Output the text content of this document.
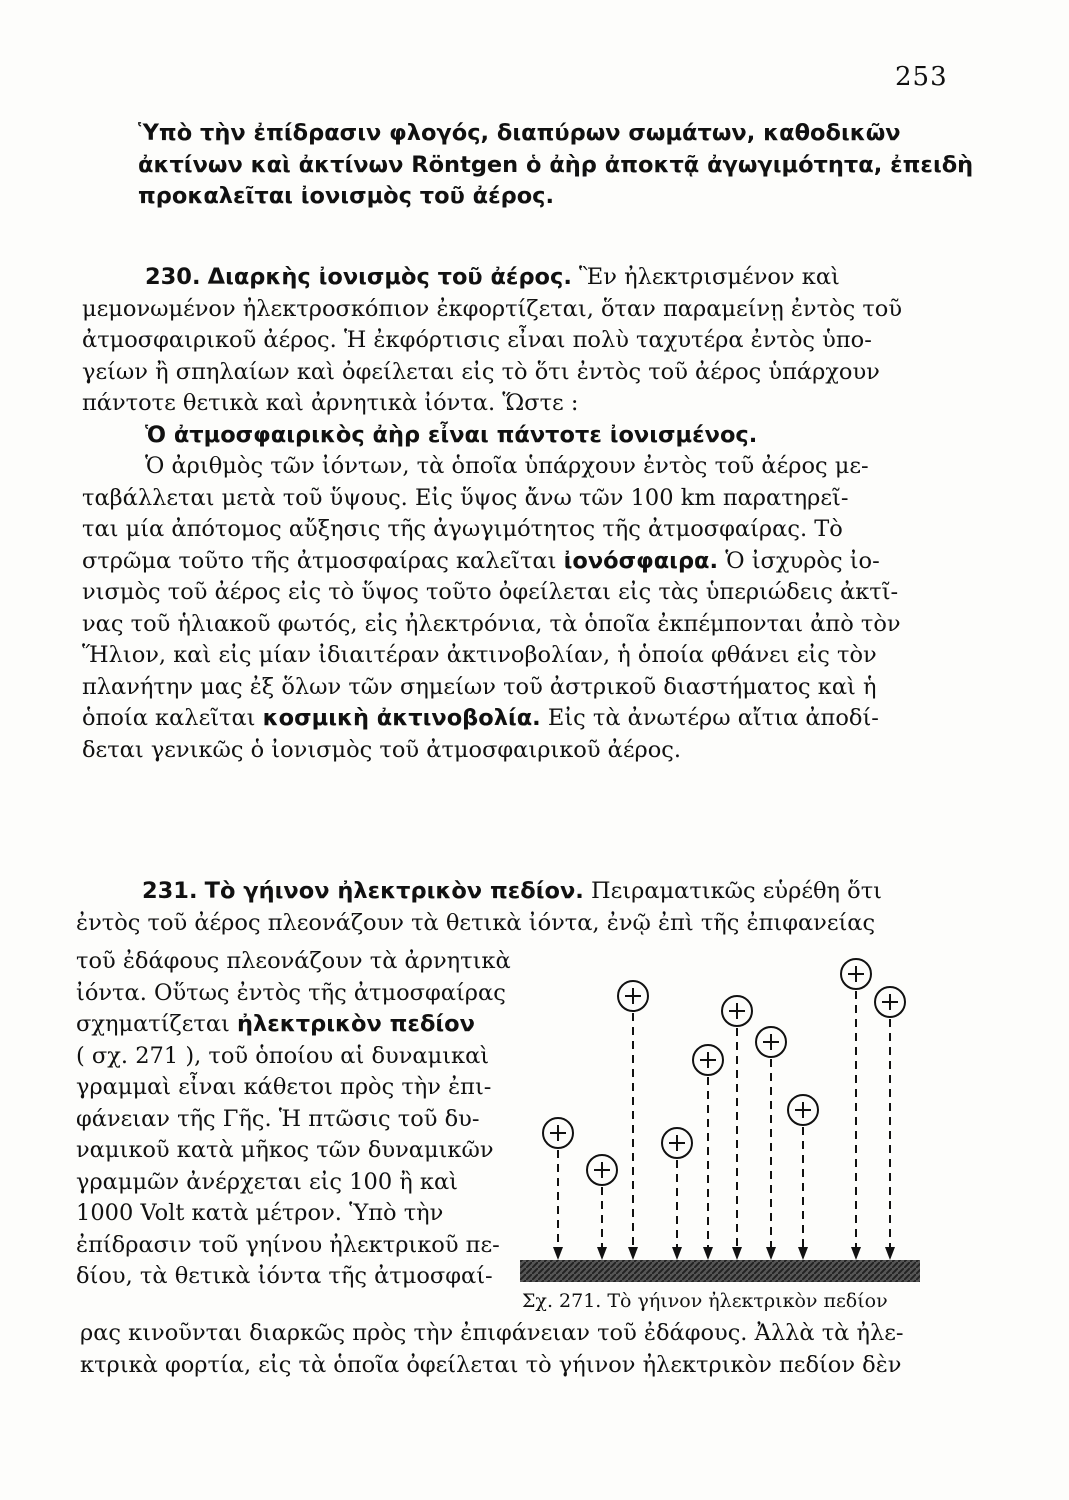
253
Ὑπὸ τὴν ἐπίδρασιν φλογός, διαπύρων σωμάτων, καθοδικῶν
ἀκτίνων καὶ ἀκτίνων Röntgen ὁ ἀὴρ ἀποκτᾷ ἀγωγιμότητα, ἐπειδὴ
προκαλεῖται ἰονισμὸς τοῦ ἀέρος.
230. Διαρκὴς ἰονισμὸς τοῦ ἀέρος. Ἓν ἠλεκτρισμένον καὶ
μεμονωμένον ἠλεκτροσκόπιον ἐκφορτίζεται, ὅταν παραμείνῃ ἐντὸς τοῦ
ἀτμοσφαιρικοῦ ἀέρος. Ἡ ἐκφόρτισις εἶναι πολὺ ταχυτέρα ἐντὸς ὑπο-
γείων ἢ σπηλαίων καὶ ὀφείλεται εἰς τὸ ὅτι ἐντὸς τοῦ ἀέρος ὑπάρχουν
πάντοτε θετικὰ καὶ ἀρνητικὰ ἰόντα. Ὥστε :
Ὁ ἀτμοσφαιρικὸς ἀὴρ εἶναι πάντοτε ἰονισμένος.
Ὁ ἀριθμὸς τῶν ἰόντων, τὰ ὁποῖα ὑπάρχουν ἐντὸς τοῦ ἀέρος με-
ταβάλλεται μετὰ τοῦ ὕψους. Εἰς ὕψος ἄνω τῶν 100 km παρατηρεῖ-
ται μία ἀπότομος αὔξησις τῆς ἀγωγιμότητος τῆς ἀτμοσφαίρας. Τὸ
στρῶμα τοῦτο τῆς ἀτμοσφαίρας καλεῖται ἰονόσφαιρα. Ὁ ἰσχυρὸς ἰο-
νισμὸς τοῦ ἀέρος εἰς τὸ ὕψος τοῦτο ὀφείλεται εἰς τὰς ὑπεριώδεις ἀκτῖ-
νας τοῦ ἡλιακοῦ φωτός, εἰς ἠλεκτρόνια, τὰ ὁποῖα ἐκπέμπονται ἀπὸ τὸν
Ἥλιον, καὶ εἰς μίαν ἰδιαιτέραν ἀκτινοβολίαν, ἡ ὁποία φθάνει εἰς τὸν
πλανήτην μας ἐξ ὅλων τῶν σημείων τοῦ ἀστρικοῦ διαστήματος καὶ ἡ
ὁποία καλεῖται κοσμικὴ ἀκτινοβολία. Εἰς τὰ ἀνωτέρω αἴτια ἀποδί-
δεται γενικῶς ὁ ἰονισμὸς τοῦ ἀτμοσφαιρικοῦ ἀέρος.
231. Τὸ γήινον ἠλεκτρικὸν πεδίον. Πειραματικῶς εὑρέθη ὅτι
ἐντὸς τοῦ ἀέρος πλεονάζουν τὰ θετικὰ ἰόντα, ἐνῷ ἐπὶ τῆς ἐπιφανείας
τοῦ ἐδάφους πλεονάζουν τὰ ἀρνητικὰ
ἰόντα. Οὕτως ἐντὸς τῆς ἀτμοσφαίρας
σχηματίζεται ἠλεκτρικὸν πεδίον
( σχ. 271 ), τοῦ ὁποίου αἱ δυναμικαὶ
γραμμαὶ εἶναι κάθετοι πρὸς τὴν ἐπι-
φάνειαν τῆς Γῆς. Ἡ πτῶσις τοῦ δυ-
ναμικοῦ κατὰ μῆκος τῶν δυναμικῶν
γραμμῶν ἀνέρχεται εἰς 100 ἢ καὶ
1000 Volt κατὰ μέτρον. Ὑπὸ τὴν
ἐπίδρασιν τοῦ γηίνου ἠλεκτρικοῦ πε-
δίου, τὰ θετικὰ ἰόντα τῆς ἀτμοσφαί-
Σχ. 271. Τὸ γήινον ἠλεκτρικὸν πεδίον
ρας κινοῦνται διαρκῶς πρὸς τὴν ἐπιφάνειαν τοῦ ἐδάφους. Ἀλλὰ τὰ ἠλε-
κτρικὰ φορτία, εἰς τὰ ὁποῖα ὀφείλεται τὸ γήινον ἠλεκτρικὸν πεδίον δὲν
